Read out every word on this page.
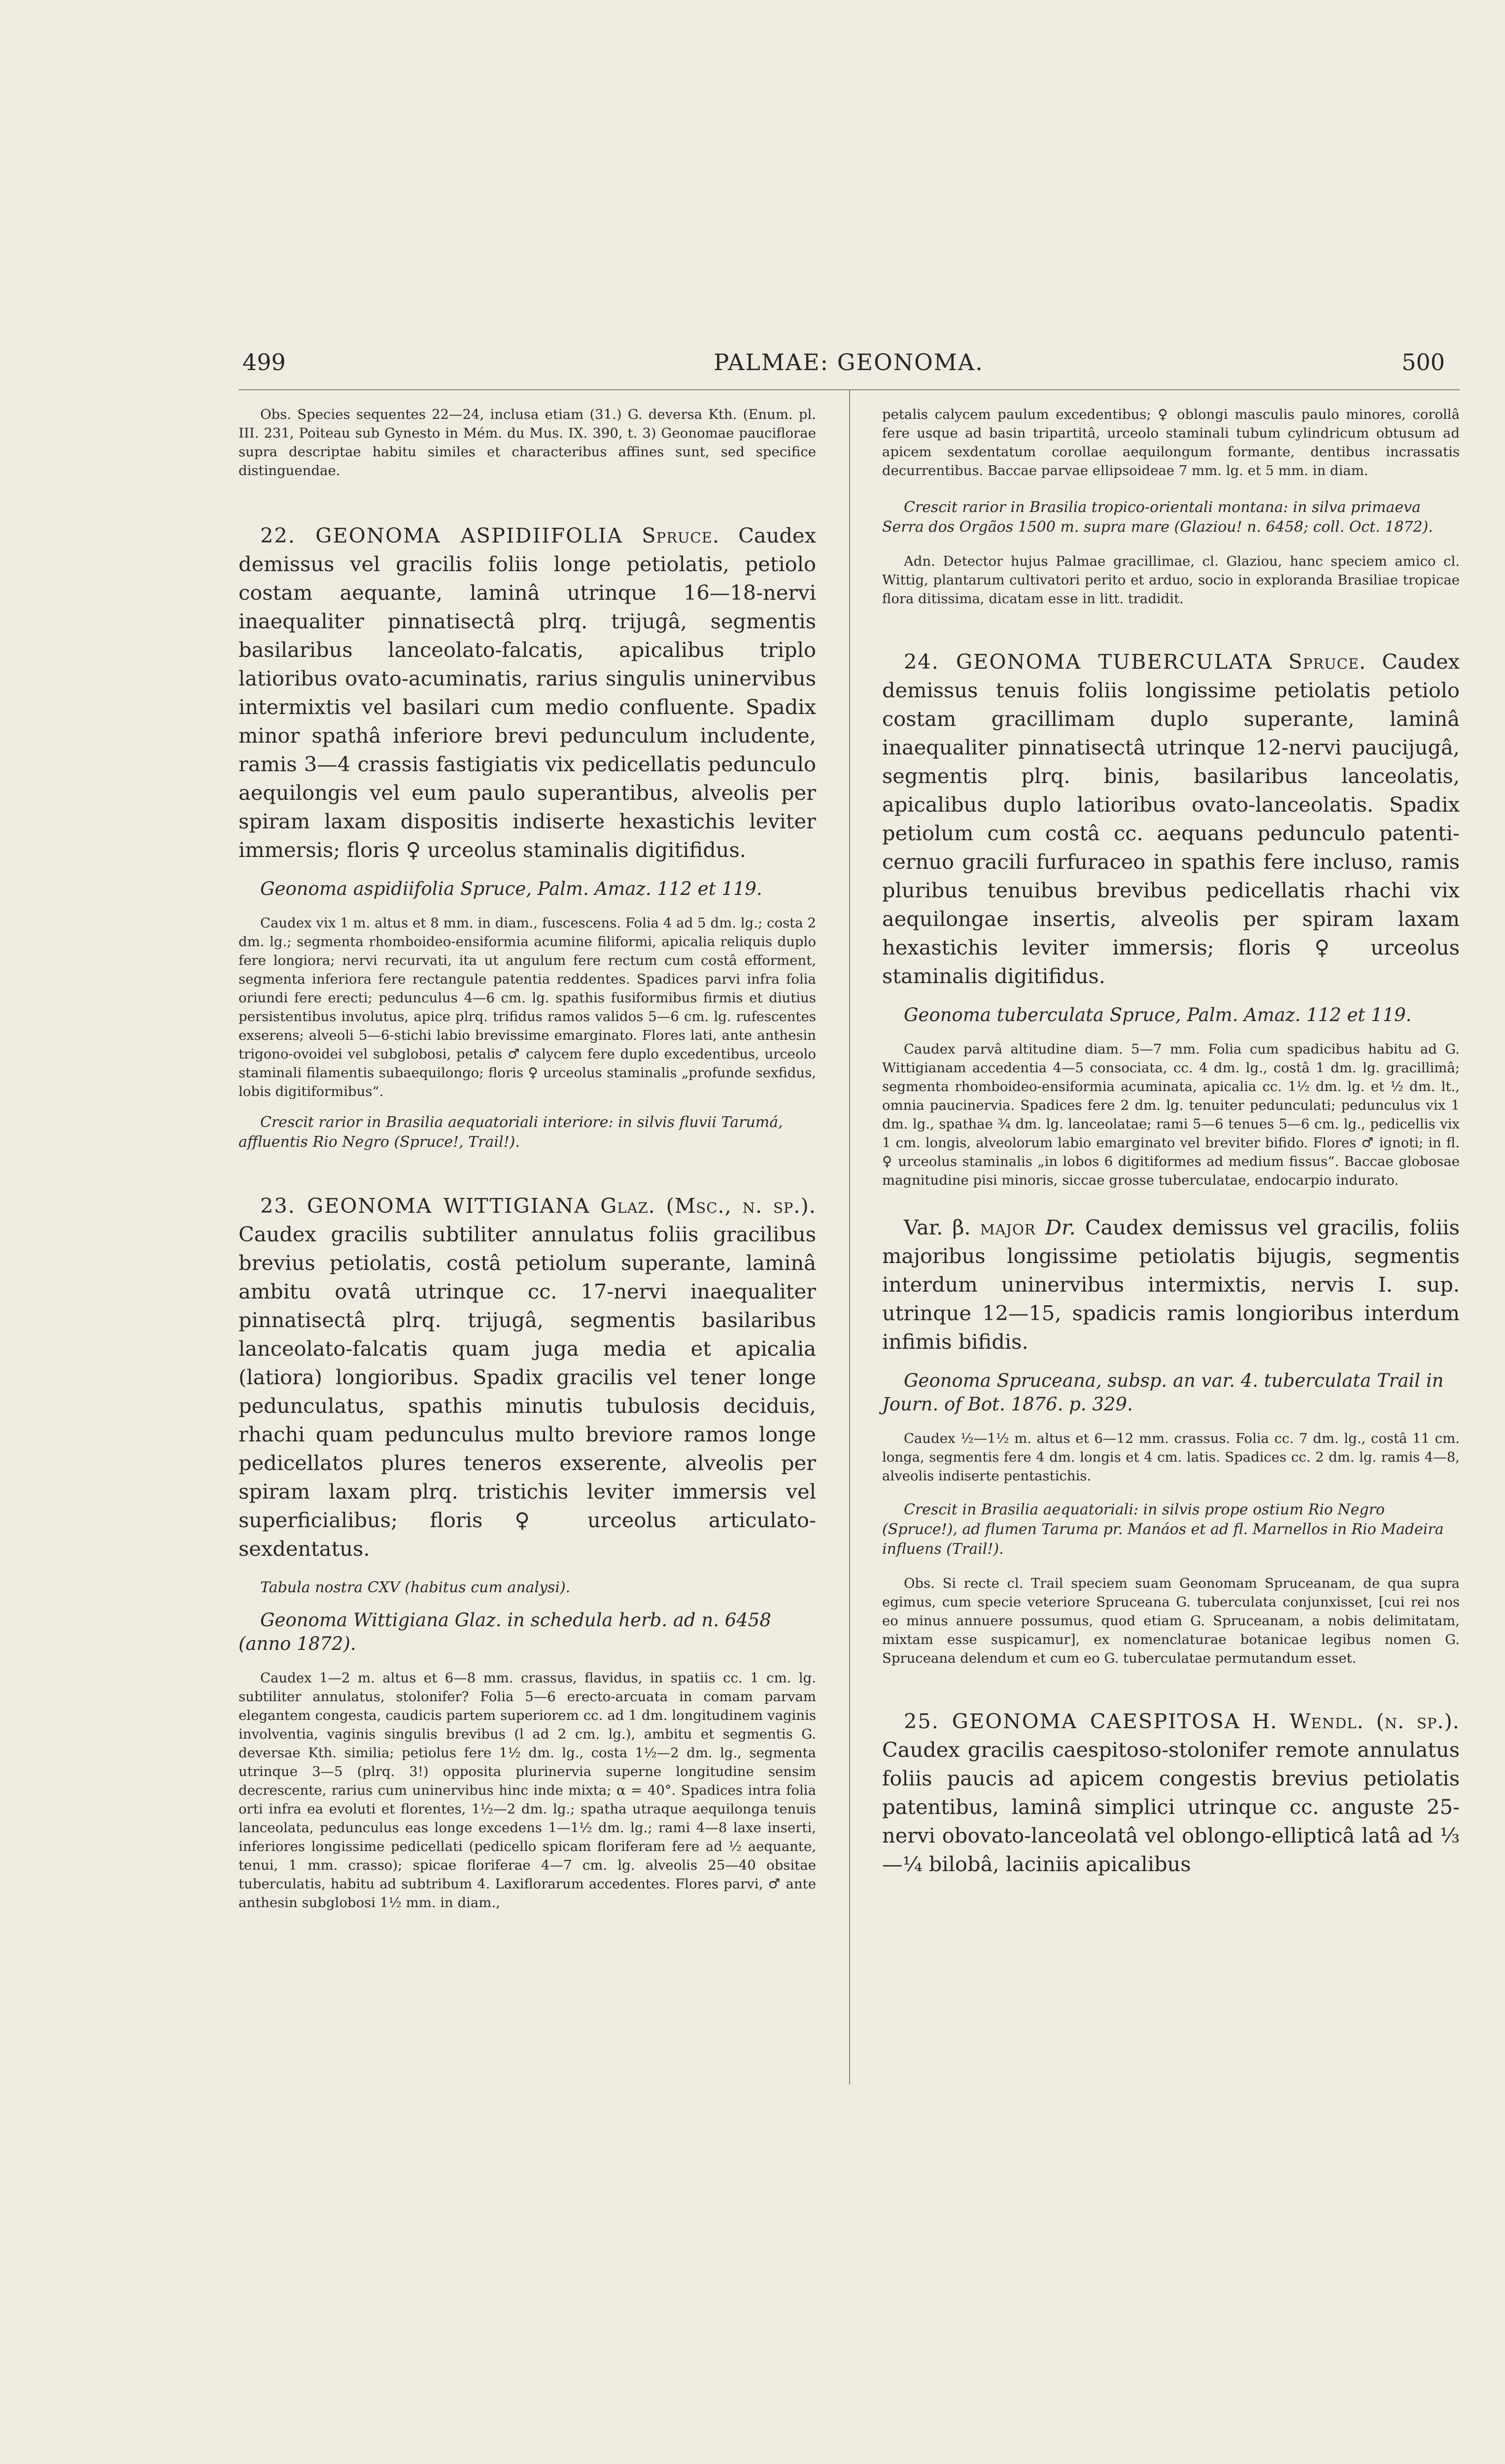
499	PALMAE: GEONOMA.	500

Obs. Species sequentes 22—24, inclusa etiam (31.) G. deversa Kth. (Enum. pl. III. 231, Poiteau sub Gynesto in Mém. du Mus. IX. 390, t. 3) Geonomae pauciflorae supra descriptae habitu similes et characteribus affines sunt, sed specifice distinguendae.

22. GEONOMA ASPIDIIFOLIA Spruce. Caudex demissus vel gracilis foliis longe petiolatis, petiolo costam aequante, laminâ utrinque 16—18-nervi inaequaliter pinnatisectâ plrq. trijugâ, segmentis basilaribus lanceolato-falcatis, apicalibus triplo latioribus ovato-acuminatis, rarius singulis uninervibus intermixtis vel basilari cum medio confluente. Spadix minor spathâ inferiore brevi pedunculum includente, ramis 3—4 crassis fastigiatis vix pedicellatis pedunculo aequilongis vel eum paulo superantibus, alveolis per spiram laxam dispositis indiserte hexastichis leviter immersis; floris ♀ urceolus staminalis digitifidus.

Geonoma aspidiifolia Spruce, Palm. Amaz. 112 et 119.

Caudex vix 1 m. altus et 8 mm. in diam., fuscescens. Folia 4 ad 5 dm. lg.; costa 2 dm. lg.; segmenta rhomboideo-ensiformia acumine filiformi, apicalia reliquis duplo fere longiora; nervi recurvati, ita ut angulum fere rectum cum costâ efforment, segmenta inferiora fere rectangule patentia reddentes. Spadices parvi infra folia oriundi fere erecti; pedunculus 4—6 cm. lg. spathis fusiformibus firmis et diutius persistentibus involutus, apice plrq. trifidus ramos validos 5—6 cm. lg. rufescentes exserens; alveoli 5—6-stichi labio brevissime emarginato. Flores lati, ante anthesin trigono-ovoidei vel subglobosi, petalis ♂ calycem fere duplo excedentibus, urceolo staminali filamentis subaequilongo; floris ♀ urceolus staminalis „profunde sexfidus, lobis digitiformibus“.

Crescit rarior in Brasilia aequatoriali interiore: in silvis fluvii Tarumá, affluentis Rio Negro (Spruce!, Trail!).

23. GEONOMA WITTIGIANA Glaz. (Msc., n. sp.). Caudex gracilis subtiliter annulatus foliis gracilibus brevius petiolatis, costâ petiolum superante, laminâ ambitu ovatâ utrinque cc. 17-nervi inaequaliter pinnatisectâ plrq. trijugâ, segmentis basilaribus lanceolato-falcatis quam juga media et apicalia (latiora) longioribus. Spadix gracilis vel tener longe pedunculatus, spathis minutis tubulosis deciduis, rhachi quam pedunculus multo breviore ramos longe pedicellatos plures teneros exserente, alveolis per spiram laxam plrq. tristichis leviter immersis vel superficialibus; floris ♀ urceolus articulato-sexdentatus.

Tabula nostra CXV (habitus cum analysi).

Geonoma Wittigiana Glaz. in schedula herb. ad n. 6458 (anno 1872).

Caudex 1—2 m. altus et 6—8 mm. crassus, flavidus, in spatiis cc. 1 cm. lg. subtiliter annulatus, stolonifer? Folia 5—6 erecto-arcuata in comam parvam elegantem congesta, caudicis partem superiorem cc. ad 1 dm. longitudinem vaginis involventia, vaginis singulis brevibus (l ad 2 cm. lg.), ambitu et segmentis G. deversae Kth. similia; petiolus fere 1½ dm. lg., costa 1½—2 dm. lg., segmenta utrinque 3—5 (plrq. 3!) opposita plurinervia superne longitudine sensim decrescente, rarius cum uninervibus hinc inde mixta; α = 40°. Spadices intra folia orti infra ea evoluti et florentes, 1½—2 dm. lg.; spatha utraque aequilonga tenuis lanceolata, pedunculus eas longe excedens 1—1½ dm. lg.; rami 4—8 laxe inserti, inferiores longissime pedicellati (pedicello spicam floriferam fere ad ½ aequante, tenui, 1 mm. crasso); spicae floriferae 4—7 cm. lg. alveolis 25—40 obsitae tuberculatis, habitu ad subtribum 4. Laxiflorarum accedentes. Flores parvi, ♂ ante anthesin subglobosi 1½ mm. in diam.,

petalis calycem paulum excedentibus; ♀ oblongi masculis paulo minores, corollâ fere usque ad basin tripartitâ, urceolo staminali tubum cylindricum obtusum ad apicem sexdentatum corollae aequilongum formante, dentibus incrassatis decurrentibus. Baccae parvae ellipsoideae 7 mm. lg. et 5 mm. in diam.

Crescit rarior in Brasilia tropico-orientali montana: in silva primaeva Serra dos Orgãos 1500 m. supra mare (Glaziou! n. 6458; coll. Oct. 1872).

Adn. Detector hujus Palmae gracillimae, cl. Glaziou, hanc speciem amico cl. Wittig, plantarum cultivatori perito et arduo, socio in exploranda Brasiliae tropicae flora ditissima, dicatam esse in litt. tradidit.

24. GEONOMA TUBERCULATA Spruce. Caudex demissus tenuis foliis longissime petiolatis petiolo costam gracillimam duplo superante, laminâ inaequaliter pinnatisectâ utrinque 12-nervi paucijugâ, segmentis plrq. binis, basilaribus lanceolatis, apicalibus duplo latioribus ovato-lanceolatis. Spadix petiolum cum costâ cc. aequans pedunculo patenti-cernuo gracili furfuraceo in spathis fere incluso, ramis pluribus tenuibus brevibus pedicellatis rhachi vix aequilongae insertis, alveolis per spiram laxam hexastichis leviter immersis; floris ♀ urceolus staminalis digitifidus.

Geonoma tuberculata Spruce, Palm. Amaz. 112 et 119.

Caudex parvâ altitudine diam. 5—7 mm. Folia cum spadicibus habitu ad G. Wittigianam accedentia 4—5 consociata, cc. 4 dm. lg., costâ 1 dm. lg. gracillimâ; segmenta rhomboideo-ensiformia acuminata, apicalia cc. 1½ dm. lg. et ½ dm. lt., omnia paucinervia. Spadices fere 2 dm. lg. tenuiter pedunculati; pedunculus vix 1 dm. lg., spathae ¾ dm. lg. lanceolatae; rami 5—6 tenues 5—6 cm. lg., pedicellis vix 1 cm. longis, alveolorum labio emarginato vel breviter bifido. Flores ♂ ignoti; in fl. ♀ urceolus staminalis „in lobos 6 digitiformes ad medium fissus“. Baccae globosae magnitudine pisi minoris, siccae grosse tuberculatae, endocarpio indurato.

Var. β. major Dr. Caudex demissus vel gracilis, foliis majoribus longissime petiolatis bijugis, segmentis interdum uninervibus intermixtis, nervis I. sup. utrinque 12—15, spadicis ramis longioribus interdum infimis bifidis.

Geonoma Spruceana, subsp. an var. 4. tuberculata Trail in Journ. of Bot. 1876. p. 329.

Caudex ½—1½ m. altus et 6—12 mm. crassus. Folia cc. 7 dm. lg., costâ 11 cm. longa, segmentis fere 4 dm. longis et 4 cm. latis. Spadices cc. 2 dm. lg. ramis 4—8, alveolis indiserte pentastichis.

Crescit in Brasilia aequatoriali: in silvis prope ostium Rio Negro (Spruce!), ad flumen Taruma pr. Manáos et ad fl. Marnellos in Rio Madeira influens (Trail!).

Obs. Si recte cl. Trail speciem suam Geonomam Spruceanam, de qua supra egimus, cum specie veteriore Spruceana G. tuberculata conjunxisset, [cui rei nos eo minus annuere possumus, quod etiam G. Spruceanam, a nobis delimitatam, mixtam esse suspicamur], ex nomenclaturae botanicae legibus nomen G. Spruceana delendum et cum eo G. tuberculatae permutandum esset.

25. GEONOMA CAESPITOSA H. Wendl. (n. sp.). Caudex gracilis caespitoso-stolonifer remote annulatus foliis paucis ad apicem congestis brevius petiolatis patentibus, laminâ simplici utrinque cc. anguste 25-nervi obovato-lanceolatâ vel oblongo-ellipticâ latâ ad ⅓—¼ bilobâ, laciniis apicalibus
